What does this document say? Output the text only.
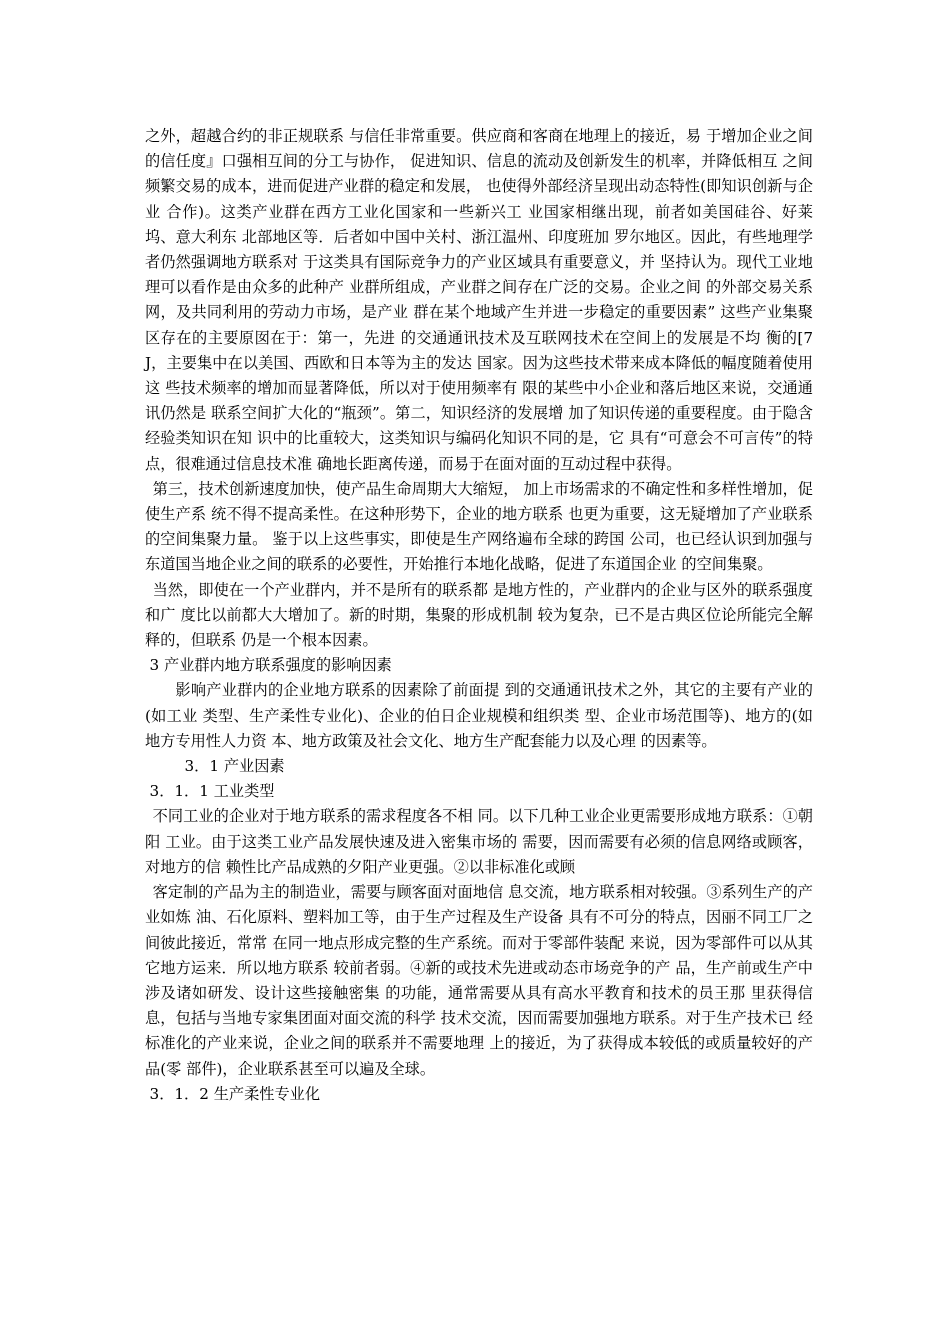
之外，超越合约的非正规联系 与信任非常重要。供应商和客商在地理上的接近，易 于增加企业之间的信任度』口强相互间的分工与协作， 促进知识、信息的流动及创新发生的机率，并降低相互 之间频繁交易的成本，进而促进产业群的稳定和发展， 也使得外部经济呈现出动态特性(即知识创新与企业 合作)。这类产业群在西方工业化国家和一些新兴工 业国家相继出现，前者如美国硅谷、好莱坞、意大利东 北部地区等．后者如中国中关村、浙江温州、印度班加 罗尔地区。因此，有些地理学者仍然强调地方联系对 于这类具有国际竞争力的产业区域具有重要意义，并 坚持认为。现代工业地理可以看作是由众多的此种产 业群所组成，产业群之间存在广泛的交易。企业之间 的外部交易关系网，及共同利用的劳动力市场，是产业 群在某个地域产生并进一步稳定的重要因素” 这些产业集聚区存在的主要原囡在于：第一，先进 的交通通讯技术及互联网技术在空间上的发展是不均 衡的[7J，主要集中在以美国、西欧和日本等为主的发达 国家。因为这些技术带来成本降低的幅度随着使用这 些技术频率的增加而显著降低，所以对于使用频率有 限的某些中小企业和落后地区来说，交通通讯仍然是 联系空间扩大化的“瓶颈”。第二，知识经济的发展增 加了知识传递的重要程度。由于隐含经验类知识在知 识中的比重较大，这类知识与编码化知识不同的是，它 具有“可意会不可言传”的特点，很难通过信息技术准 确地长距离传递，而易于在面对面的互动过程中获得。

第三，技术创新速度加快，使产品生命周期大大缩短， 加上市场需求的不确定性和多样性增加，促使生产系 统不得不提高柔性。在这种形势下，企业的地方联系 也更为重要，这无疑增加了产业联系的空间集聚力量。 鉴于以上这些事实，即使是生产网络遍布全球的跨国 公司，也已经认识到加强与东道国当地企业之间的联系的必要性，开始推行本地化战略，促进了东道国企业 的空间集聚。

当然，即使在一个产业群内，并不是所有的联系都 是地方性的，产业群内的企业与区外的联系强度和广 度比以前都大大增加了。新的时期，集聚的形成机制 较为复杂，已不是古典区位论所能完全解释的，但联系 仍是一个根本因素。

3 产业群内地方联系强度的影响因素

影响产业群内的企业地方联系的因素除了前面提 到的交通通讯技术之外，其它的主要有产业的(如工业 类型、生产柔性专业化)、企业的伯日企业规模和组织类 型、企业市场范围等)、地方的(如地方专用性人力资 本、地方政策及社会文化、地方生产配套能力以及心理 的因素等。

3．1 产业因素

3．1．1 工业类型

不同工业的企业对于地方联系的需求程度各不相 同。以下几种工业企业更需要形成地方联系：①朝阳 工业。由于这类工业产品发展快速及进入密集市场的 需要，因而需要有必须的信息网络或顾客，对地方的信 赖性比产品成熟的夕阳产业更强。②以非标准化或顾

客定制的产品为主的制造业，需要与顾客面对面地信 息交流，地方联系相对较强。③系列生产的产业如炼 油、石化原料、塑料加工等，由于生产过程及生产设备 具有不可分的特点，因丽不同工厂之间彼此接近，常常 在同一地点形成完整的生产系统。而对于零部件装配 来说，因为零部件可以从其它地方运来．所以地方联系 较前者弱。④新的或技术先进或动态市场竞争的产 品，生产前或生产中涉及诸如研发、设计这些接触密集 的功能，通常需要从具有高水平教育和技术的员王那 里获得信息，包括与当地专家集团面对面交流的科学 技术交流，因而需要加强地方联系。对于生产技术已 经标准化的产业来说，企业之间的联系并不需要地理 上的接近，为了获得成本较低的或质量较好的产品(零 部件)，企业联系甚至可以遍及全球。

3．1．2 生产柔性专业化
